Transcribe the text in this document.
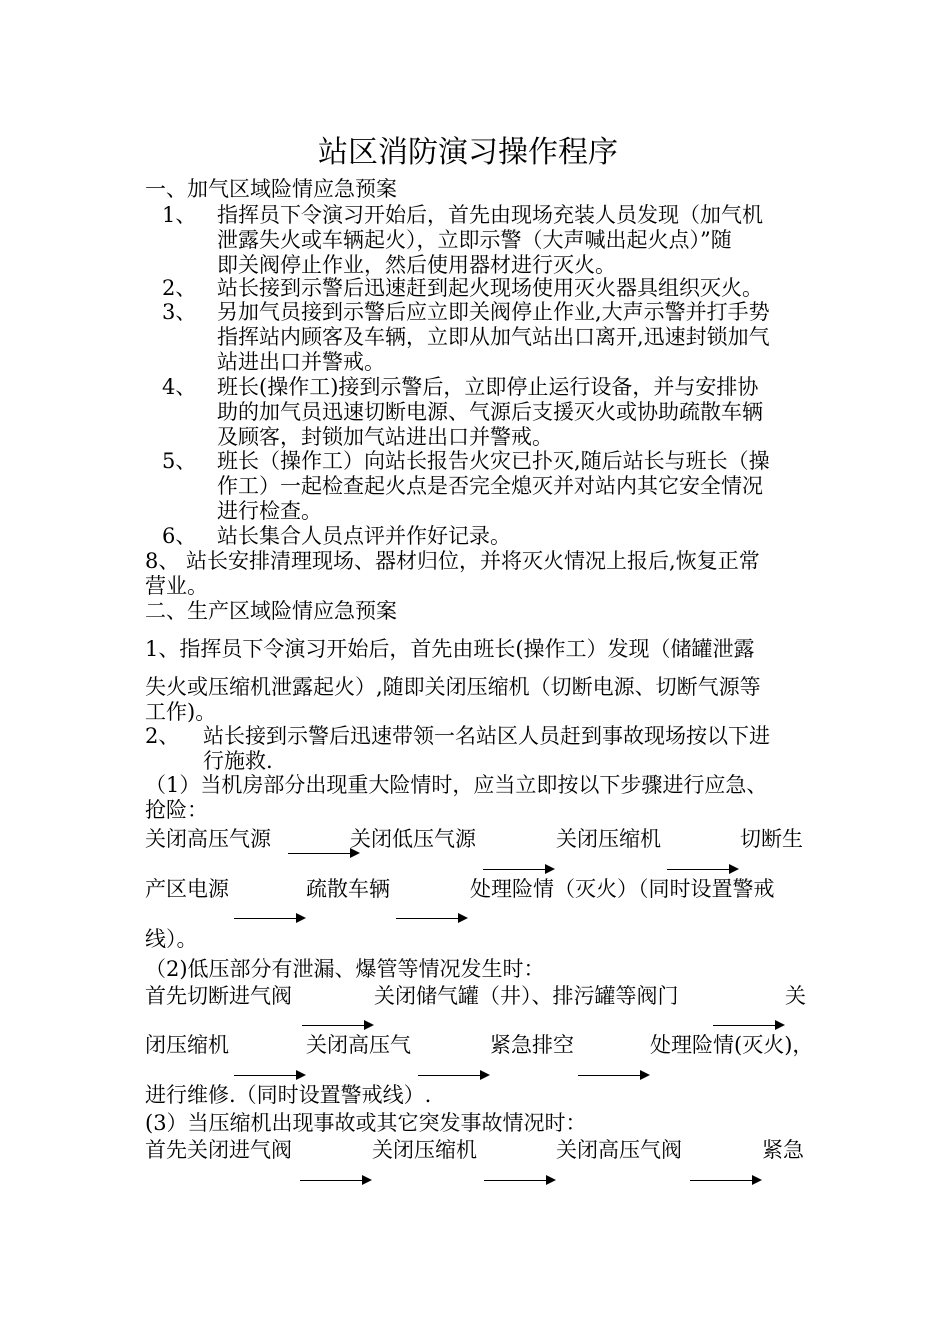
站区消防演习操作程序
一、加气区域险情应急预案
1、 指挥员下令演习开始后，首先由现场充装人员发现（加气机
泄露失火或车辆起火），立即示警（大声喊出起火点）”随
即关阀停止作业，然后使用器材进行灭火。
2、 站长接到示警后迅速赶到起火现场使用灭火器具组织灭火。
3、 另加气员接到示警后应立即关阀停止作业,大声示警并打手势
指挥站内顾客及车辆，立即从加气站出口离开,迅速封锁加气
站进出口并警戒。
4、 班长(操作工)接到示警后，立即停止运行设备，并与安排协
助的加气员迅速切断电源、气源后支援灭火或协助疏散车辆
及顾客，封锁加气站进出口并警戒。
5、 班长（操作工）向站长报告火灾已扑灭,随后站长与班长（操
作工）一起检查起火点是否完全熄灭并对站内其它安全情况
进行检查。
6、 站长集合人员点评并作好记录。
8、 站长安排清理现场、器材归位，并将灭火情况上报后,恢复正常
营业。
二、生产区域险情应急预案
1、指挥员下令演习开始后，首先由班长(操作工）发现（储罐泄露
失火或压缩机泄露起火）,随即关闭压缩机（切断电源、切断气源等
工作)。
2、 站长接到示警后迅速带领一名站区人员赶到事故现场按以下进
行施救.
（1）当机房部分出现重大险情时，应当立即按以下步骤进行应急、
抢险：
关闭高压气源	关闭低压气源	关闭压缩机	切断生
产区电源	疏散车辆	处理险情（灭火）（同时设置警戒
线）。
（2)低压部分有泄漏、爆管等情况发生时：
首先切断进气阀	关闭储气罐（井）、排污罐等阀门	关
闭压缩机	关闭高压气	紧急排空	处理险情(灭火)，
进行维修.（同时设置警戒线）.
(3）当压缩机出现事故或其它突发事故情况时：
首先关闭进气阀	关闭压缩机	关闭高压气阀	紧急
